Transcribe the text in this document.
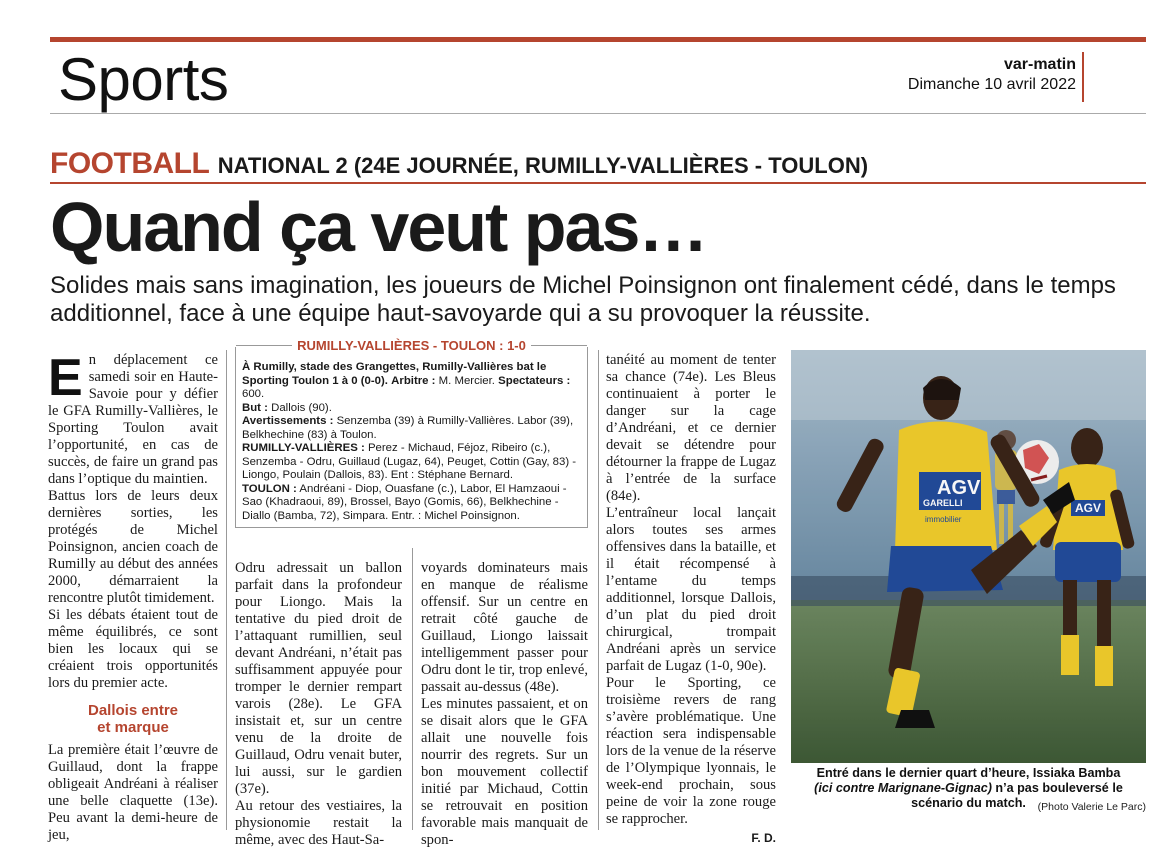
Sports	var-matin
Dimanche 10 avril 2022
FOOTBALL NATIONAL 2 (24E JOURNÉE, RUMILLY-VALLIÈRES - TOULON)
Quand ça veut pas…

Solides mais sans imagination, les joueurs de Michel Poinsignon ont finalement cédé, dans le temps additionnel, face à une équipe haut-savoyarde qui a su provoquer la réussite.

En déplacement ce samedi soir en Haute-Savoie pour y défier le GFA Rumilly-Vallières, le Sporting Toulon avait l’opportunité, en cas de succès, de faire un grand pas dans l’optique du maintien.

Battus lors de leurs deux dernières sorties, les protégés de Michel Poinsignon, ancien coach de Rumilly au début des années 2000, démarraient la rencontre plutôt timidement.

Si les débats étaient tout de même équilibrés, ce sont bien les locaux qui se créaient trois opportunités lors du premier acte.

Dallois entre
et marque

La première était l’œuvre de Guillaud, dont la frappe obligeait Andréani à réaliser une belle claquette (13e). Peu avant la demi-heure de jeu,

RUMILLY-VALLIÈRES - TOULON : 1-0

À Rumilly, stade des Grangettes, Rumilly-Vallières bat le Sporting Toulon 1 à 0 (0-0). Arbitre : M. Mercier. Spectateurs : 600.

But : Dallois (90).

Avertissements : Senzemba (39) à Rumilly-Vallières. Labor (39), Belkhechine (83) à Toulon.

RUMILLY-VALLIÈRES : Perez - Michaud, Féjoz, Ribeiro (c.), Senzemba - Odru, Guillaud (Lugaz, 64), Peuget, Cottin (Gay, 83) - Liongo, Poulain (Dallois, 83). Ent : Stéphane Bernard.

TOULON : Andréani - Diop, Ouasfane (c.), Labor, El Hamzaoui - Sao (Khadraoui, 89), Brossel, Bayo (Gomis, 66), Belkhechine - Diallo (Bamba, 72), Simpara. Entr. : Michel Poinsignon.

Odru adressait un ballon parfait dans la profondeur pour Liongo. Mais la tentative du pied droit de l’attaquant rumillien, seul devant Andréani, n’était pas suffisamment appuyée pour tromper le dernier rempart varois (28e). Le GFA insistait et, sur un centre venu de la droite de Guillaud, Odru venait buter, lui aussi, sur le gardien (37e).

Au retour des vestiaires, la physionomie restait la même, avec des Haut-Sa-

voyards dominateurs mais en manque de réalisme offensif. Sur un centre en retrait côté gauche de Guillaud, Liongo laissait intelligemment passer pour Odru dont le tir, trop enlevé, passait au-dessus (48e).

Les minutes passaient, et on se disait alors que le GFA allait une nouvelle fois nourrir des regrets. Sur un bon mouvement collectif initié par Michaud, Cottin se retrouvait en position favorable mais manquait de spon-

tanéité au moment de tenter sa chance (74e). Les Bleus continuaient à porter le danger sur la cage d’Andréani, et ce dernier devait se détendre pour détourner la frappe de Lugaz à l’entrée de la surface (84e).

L’entraîneur local lançait alors toutes ses armes offensives dans la bataille, et il était récompensé à l’entame du temps additionnel, lorsque Dallois, d’un plat du pied droit chirurgical, trompait Andréani après un service parfait de Lugaz (1-0, 90e).

Pour le Sporting, ce troisième revers de rang s’avère problématique. Une réaction sera indispensable lors de la venue de la réserve de l’Olympique lyonnais, le week-end prochain, sous peine de voir la zone rouge se rapprocher.

F. D.
AGV
AGV
GARELLI
immobilier
Entré dans le dernier quart d’heure, Issiaka Bamba
(ici contre Marignane-Gignac) n’a pas bouleversé le scénario du match.	(Photo Valerie Le Parc)
